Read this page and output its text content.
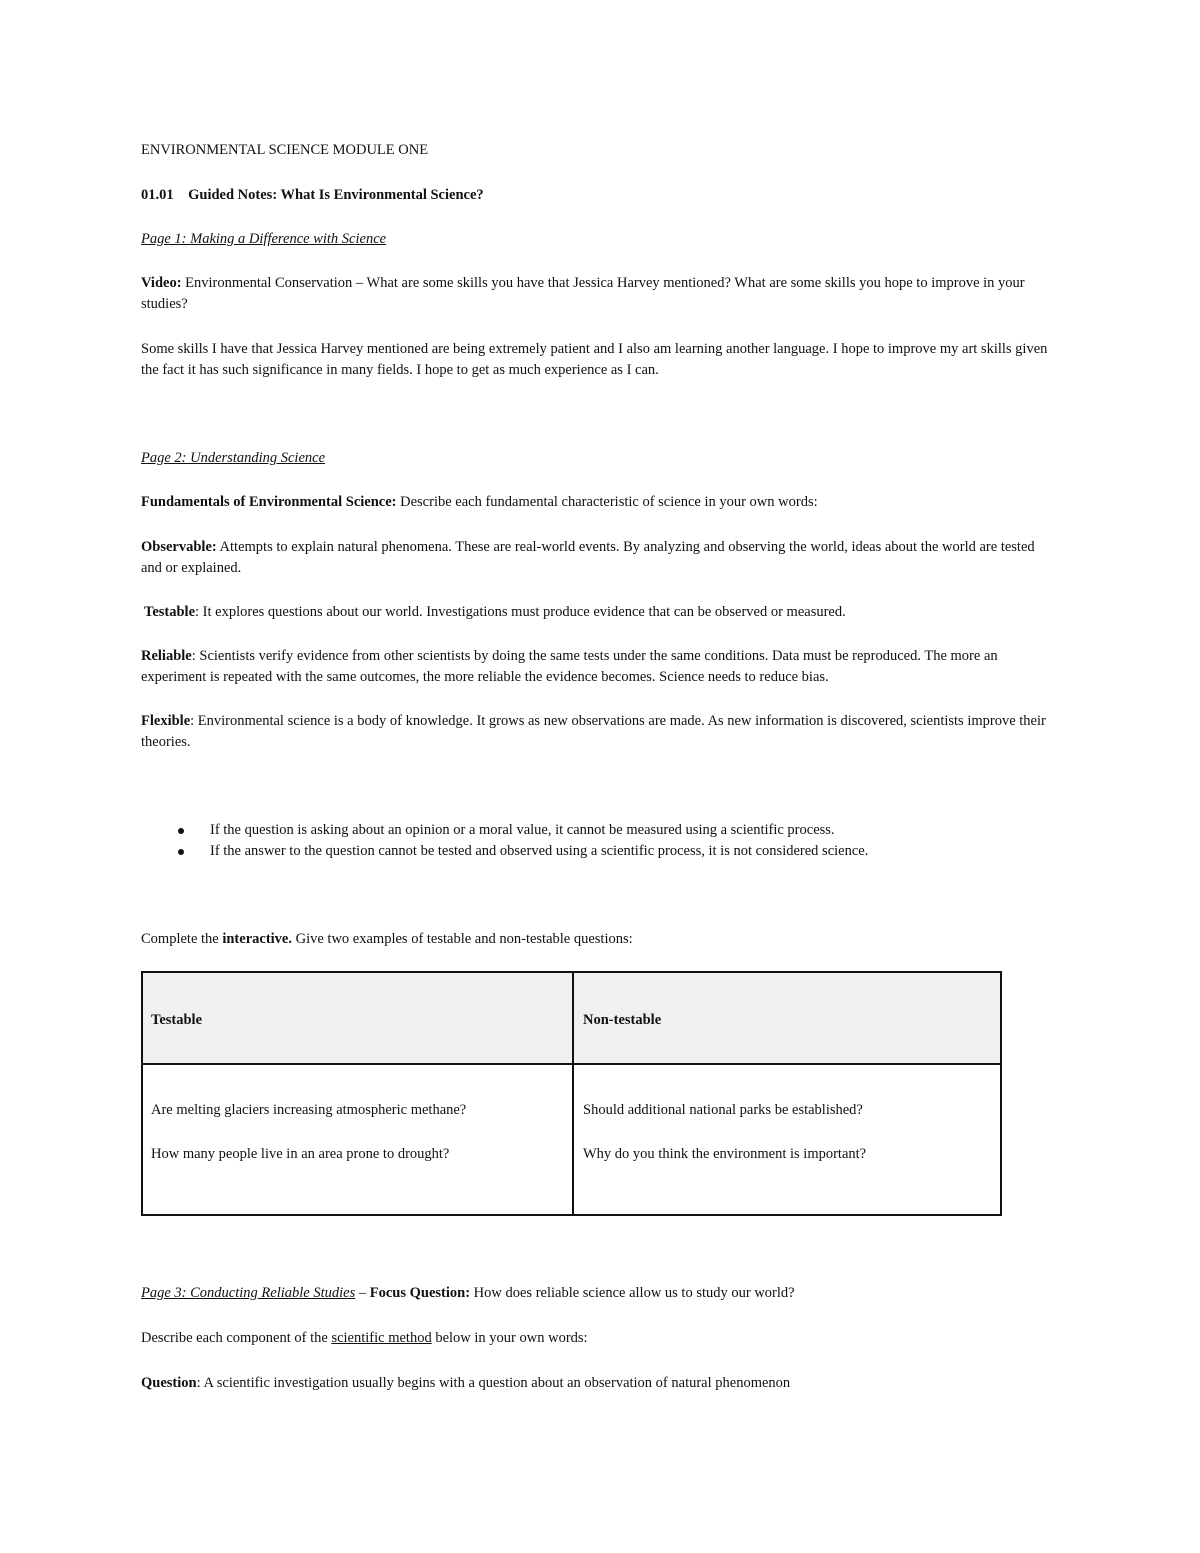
ENVIRONMENTAL SCIENCE MODULE ONE
01.01    Guided Notes: What Is Environmental Science?
Page 1: Making a Difference with Science
Video: Environmental Conservation – What are some skills you have that Jessica Harvey mentioned? What are some skills you hope to improve in your studies?
Some skills I have that Jessica Harvey mentioned are being extremely patient and I also am learning another language. I hope to improve my art skills given the fact it has such significance in many fields. I hope to get as much experience as I can.
Page 2: Understanding Science
Fundamentals of Environmental Science: Describe each fundamental characteristic of science in your own words:
Observable: Attempts to explain natural phenomena. These are real-world events. By analyzing and observing the world, ideas about the world are tested and or explained.
Testable: It explores questions about our world. Investigations must produce evidence that can be observed or measured.
Reliable: Scientists verify evidence from other scientists by doing the same tests under the same conditions. Data must be reproduced. The more an experiment is repeated with the same outcomes, the more reliable the evidence becomes. Science needs to reduce bias.
Flexible: Environmental science is a body of knowledge. It grows as new observations are made. As new information is discovered, scientists improve their theories.
If the question is asking about an opinion or a moral value, it cannot be measured using a scientific process.
If the answer to the question cannot be tested and observed using a scientific process, it is not considered science.
Complete the interactive. Give two examples of testable and non-testable questions:
Page 3: Conducting Reliable Studies – Focus Question: How does reliable science allow us to study our world?
Describe each component of the scientific method below in your own words:
Question: A scientific investigation usually begins with a question about an observation of natural phenomenon
Testable	Non-testable
Are melting glaciers increasing atmospheric methane?
How many people live in an area prone to drought?
Should additional national parks be established?
Why do you think the environment is important?
